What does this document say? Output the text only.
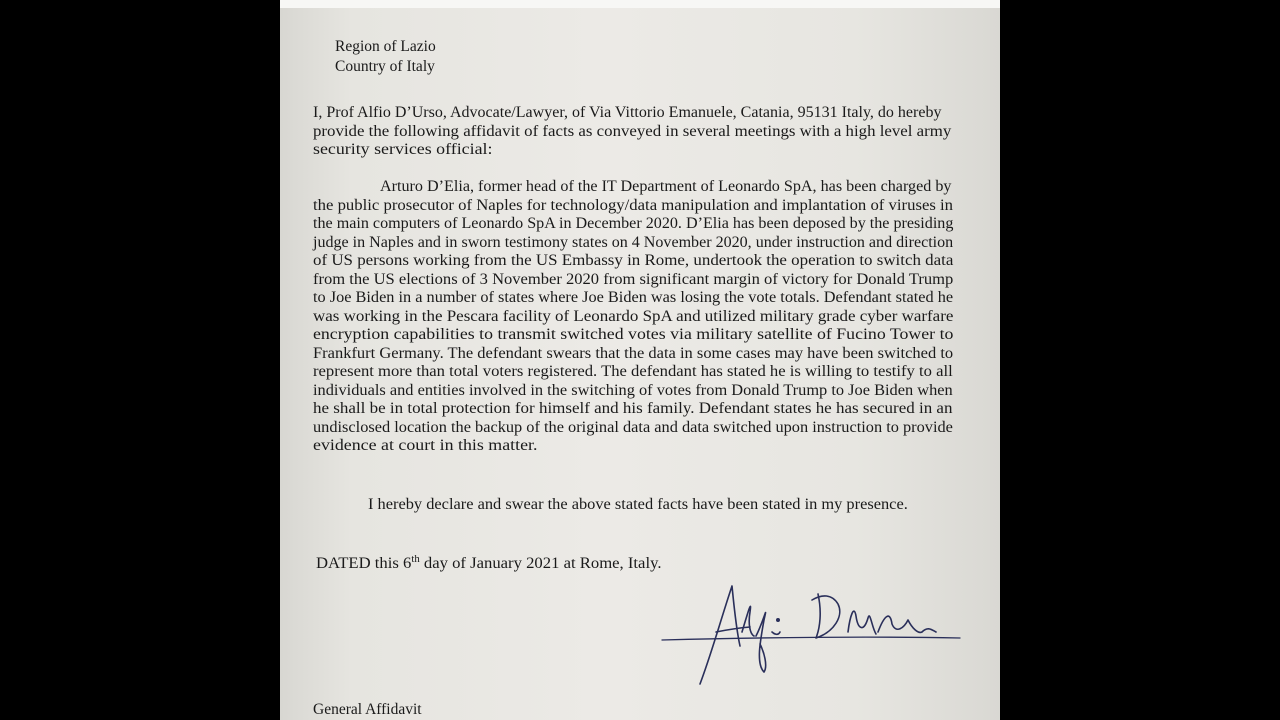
Region of Lazio
Country of Italy
I, Prof Alfio D’Urso, Advocate/Lawyer, of Via Vittorio Emanuele, Catania, 95131 Italy, do hereby
provide the following affidavit of facts as conveyed in several meetings with a high level army
security services official:
Arturo D’Elia, former head of the IT Department of Leonardo SpA, has been charged by
the public prosecutor of Naples for technology/data manipulation and implantation of viruses in
the main computers of Leonardo SpA in December 2020. D’Elia has been deposed by the presiding
judge in Naples and in sworn testimony states on 4 November 2020, under instruction and direction
of US persons working from the US Embassy in Rome, undertook the operation to switch data
from the US elections of 3 November 2020 from significant margin of victory for Donald Trump
to Joe Biden in a number of states where Joe Biden was losing the vote totals. Defendant stated he
was working in the Pescara facility of Leonardo SpA and utilized military grade cyber warfare
encryption capabilities to transmit switched votes via military satellite of Fucino Tower to
Frankfurt Germany. The defendant swears that the data in some cases may have been switched to
represent more than total voters registered. The defendant has stated he is willing to testify to all
individuals and entities involved in the switching of votes from Donald Trump to Joe Biden when
he shall be in total protection for himself and his family. Defendant states he has secured in an
undisclosed location the backup of the original data and data switched upon instruction to provide
evidence at court in this matter.
I hereby declare and swear the above stated facts have been stated in my presence.
DATED this 6th day of January 2021 at Rome, Italy.
Alfio D’Urso
General Affidavit
